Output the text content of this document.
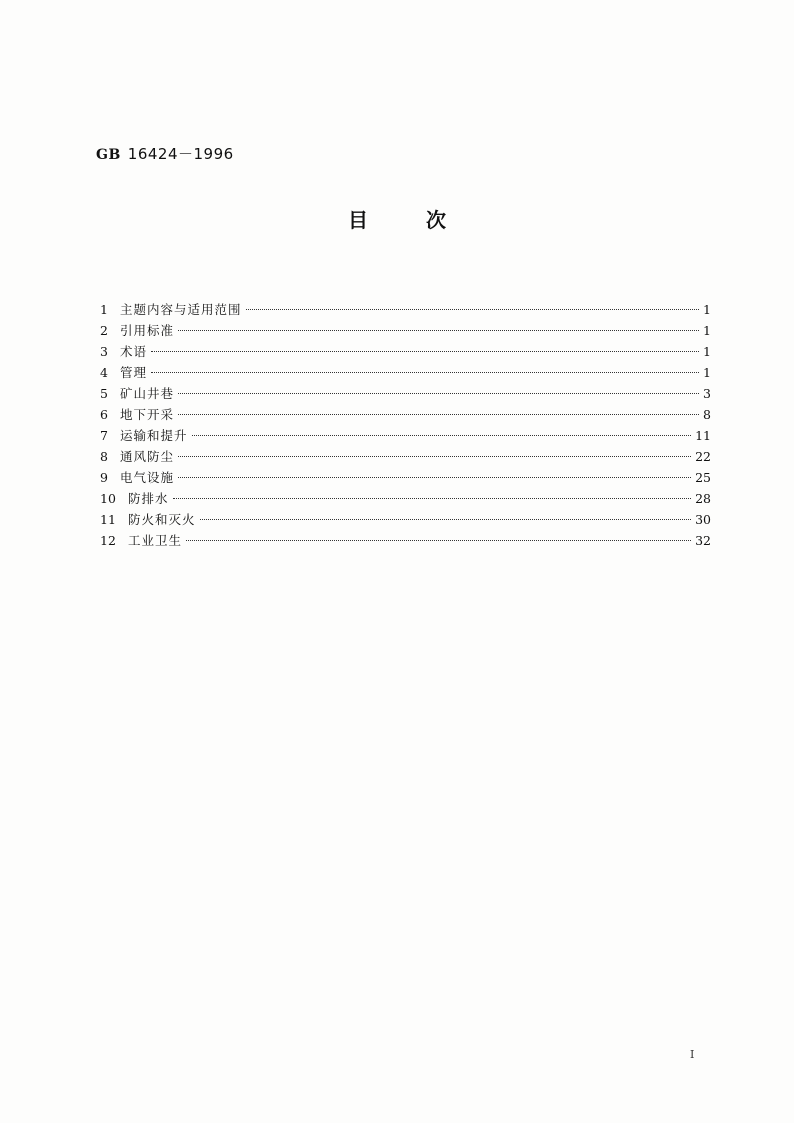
GB 16424－1996
目	次
1 主题内容与适用范围	1
2 引用标准	1
3 术语	1
4 管理	1
5 矿山井巷	3
6 地下开采	8
7 运输和提升	11
8 通风防尘	22
9 电气设施	25
10 防排水	28
11 防火和灭火	30
12 工业卫生	32
I
